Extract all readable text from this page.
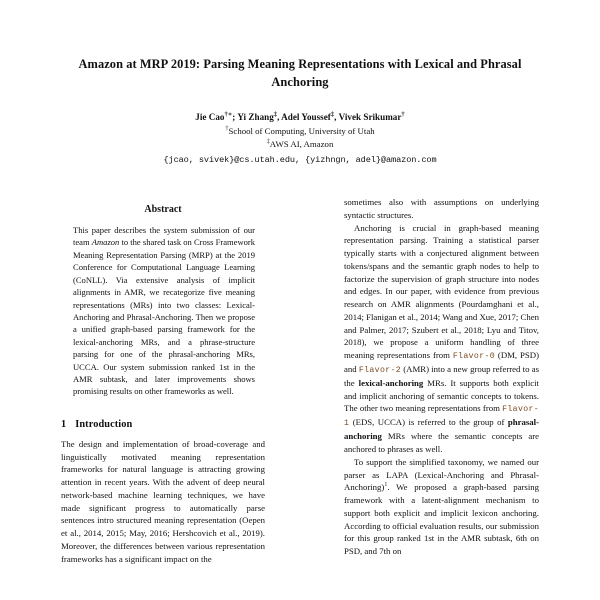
Amazon at MRP 2019: Parsing Meaning Representations with Lexical and Phrasal Anchoring
Jie Cao†∗; Yi Zhang‡, Adel Youssef‡, Vivek Srikumar†
†School of Computing, University of Utah
‡AWS AI, Amazon
{jcao, svivek}@cs.utah.edu, {yizhngn, adel}@amazon.com
Abstract

This paper describes the system submission of our team Amazon to the shared task on Cross Framework Meaning Representation Parsing (MRP) at the 2019 Conference for Computational Language Learning (CoNLL). Via extensive analysis of implicit alignments in AMR, we recategorize five meaning representations (MRs) into two classes: Lexical-Anchoring and Phrasal-Anchoring. Then we propose a unified graph-based parsing framework for the lexical-anchoring MRs, and a phrase-structure parsing for one of the phrasal-anchoring MRs, UCCA. Our system submission ranked 1st in the AMR subtask, and later improvements shows promising results on other frameworks as well.

1 Introduction

The design and implementation of broad-coverage and linguistically motivated meaning representation frameworks for natural language is attracting growing attention in recent years. With the advent of deep neural network-based machine learning techniques, we have made significant progress to automatically parse sentences intro structured meaning representation (Oepen et al., 2014, 2015; May, 2016; Hershcovich et al., 2019). Moreover, the differences between various representation frameworks has a significant impact on the

sometimes also with assumptions on underlying syntactic structures.

Anchoring is crucial in graph-based meaning representation parsing. Training a statistical parser typically starts with a conjectured alignment between tokens/spans and the semantic graph nodes to help to factorize the supervision of graph structure into nodes and edges. In our paper, with evidence from previous research on AMR alignments (Pourdamghani et al., 2014; Flanigan et al., 2014; Wang and Xue, 2017; Chen and Palmer, 2017; Szubert et al., 2018; Lyu and Titov, 2018), we propose a uniform handling of three meaning representations from Flavor-0 (DM, PSD) and Flavor-2 (AMR) into a new group referred to as the lexical-anchoring MRs. It supports both explicit and implicit anchoring of semantic concepts to tokens. The other two meaning representations from Flavor-1 (EDS, UCCA) is referred to the group of phrasal-anchoring MRs where the semantic concepts are anchored to phrases as well.

To support the simplified taxonomy, we named our parser as LAPA (Lexical-Anchoring and Phrasal-Anchoring)$^1$. We proposed a graph-based parsing framework with a latent-alignment mechanism to support both explicit and implicit lexicon anchoring. According to official evaluation results, our submission for this group ranked 1st in the AMR subtask, 6th on PSD, and 7th on
